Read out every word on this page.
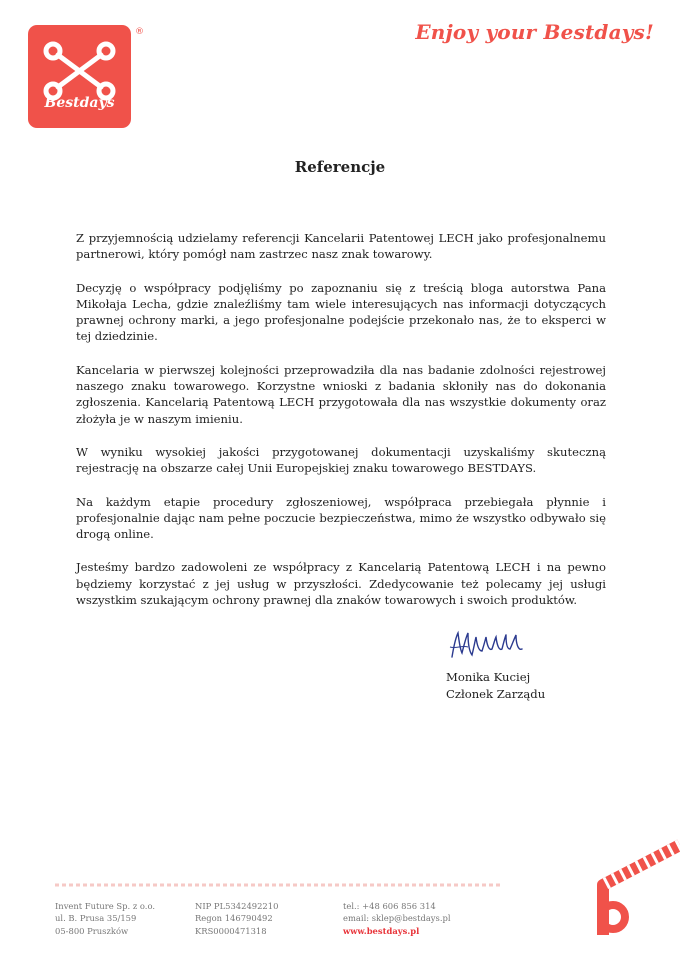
Bestdays
®	Enjoy your Bestdays!
Referencje

Z przyjemnością udzielamy referencji Kancelarii Patentowej LECH jako profesjonalnemu partnerowi, który pomógł nam zastrzec nasz znak towarowy.

Decyzję o współpracy podjęliśmy po zapoznaniu się z treścią bloga autorstwa Pana Mikołaja Lecha, gdzie znaleźliśmy tam wiele interesujących nas informacji dotyczących prawnej ochrony marki, a jego profesjonalne podejście przekonało nas, że to eksperci w tej dziedzinie.

Kancelaria w pierwszej kolejności przeprowadziła dla nas badanie zdolności rejestrowej naszego znaku towarowego. Korzystne wnioski z badania skłoniły nas do dokonania zgłoszenia. Kancelarią Patentową LECH przygotowała dla nas wszystkie dokumenty oraz złożyła je w naszym imieniu.

W wyniku wysokiej jakości przygotowanej dokumentacji uzyskaliśmy skuteczną rejestrację na obszarze całej Unii Europejskiej znaku towarowego BESTDAYS.

Na każdym etapie procedury zgłoszeniowej, współpraca przebiegała płynnie i profesjonalnie dając nam pełne poczucie bezpieczeństwa, mimo że wszystko odbywało się drogą online.

Jesteśmy bardzo zadowoleni ze współpracy z Kancelarią Patentową LECH i na pewno będziemy korzystać z jej usług w przyszłości. Zdedycowanie też polecamy jej usługi wszystkim szukającym ochrony prawnej dla znaków towarowych i swoich produktów.

Monika Kuciej
Członek Zarządu
Invent Future Sp. z o.o.
ul. B. Prusa 35/159
05-800 Pruszków
NIP PL5342492210
Regon 146790492
KRS0000471318
tel.: +48 606 856 314
email: sklep@bestdays.pl
www.bestdays.pl
